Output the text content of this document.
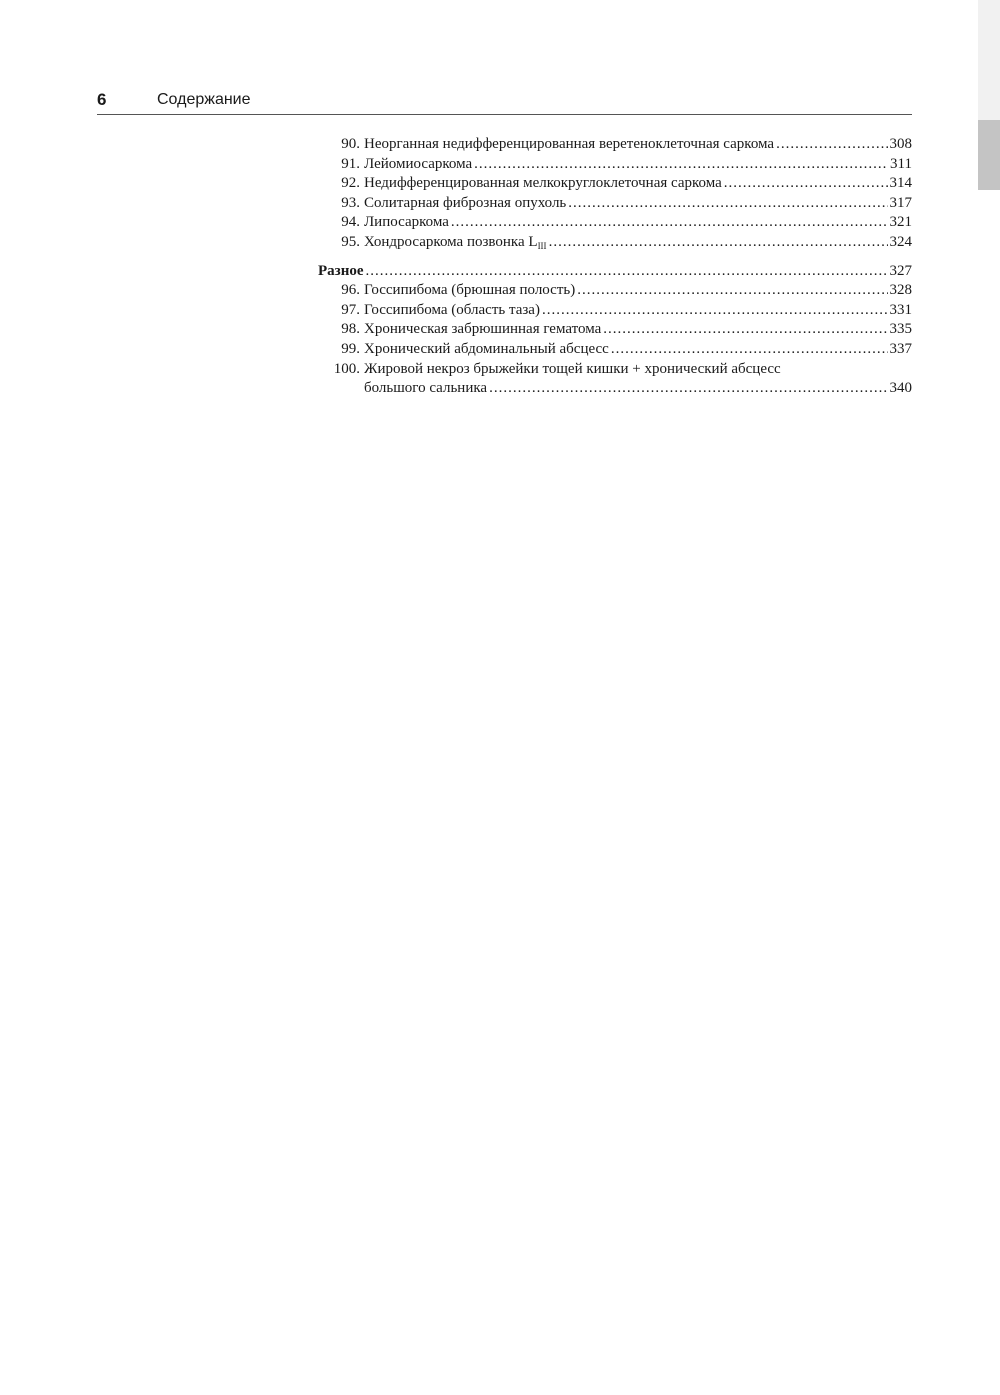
6	Содержание
90. Неорганная недифференцированная веретеноклеточная саркома .....	308
91. Лейомиосаркома .....	311
92. Недифференцированная мелкокруглоклеточная саркома .....	314
93. Солитарная фиброзная опухоль .....	317
94. Липосаркома .....	321
95. Хондросаркома позвонка $L_{III}$ .....	324
Разное .....	327
96. Госсипибома (брюшная полость) .....	328
97. Госсипибома (область таза) .....	331
98. Хроническая забрюшинная гематома .....	335
99. Хронический абдоминальный абсцесс .....	337
100. Жировой некроз брыжейки тощей кишки + хронический абсцесс
большого сальника .....	340
